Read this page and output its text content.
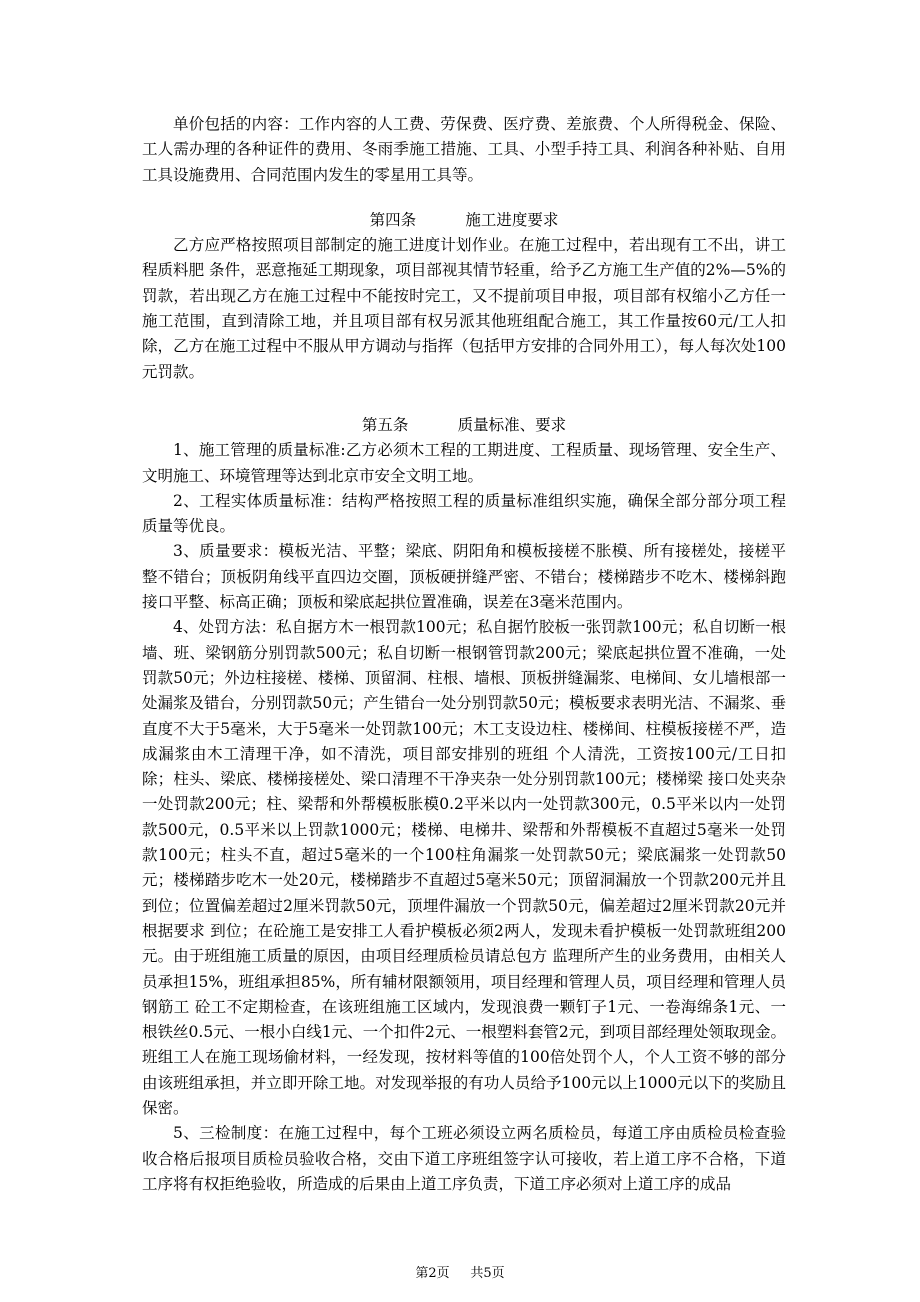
单价包括的内容：工作内容的人工费、劳保费、医疗费、差旅费、个人所得税金、保险、工人需办理的各种证件的费用、冬雨季施工措施、工具、小型手持工具、利润各种补贴、自用工具设施费用、合同范围内发生的零星用工具等。

第四条          施工进度要求

乙方应严格按照项目部制定的施工进度计划作业。在施工过程中，若出现有工不出，讲工程质料肥 条件，恶意拖延工期现象，项目部视其情节轻重，给予乙方施工生产值的2%—5%的罚款，若出现乙方在施工过程中不能按时完工，又不提前项目申报，项目部有权缩小乙方任一施工范围，直到清除工地，并且项目部有权另派其他班组配合施工，其工作量按60元/工人扣除，乙方在施工过程中不服从甲方调动与指挥（包括甲方安排的合同外用工），每人每次处100元罚款。

第五条          质量标准、要求

1、施工管理的质量标准:乙方必须木工程的工期进度、工程质量、现场管理、安全生产、文明施工、环境管理等达到北京市安全文明工地。

2、工程实体质量标准：结构严格按照工程的质量标准组织实施，确保全部分部分项工程质量等优良。

3、质量要求：模板光洁、平整；梁底、阴阳角和模板接槎不胀模、所有接槎处，接槎平整不错台；顶板阴角线平直四边交圈，顶板硬拼缝严密、不错台；楼梯踏步不吃木、楼梯斜跑接口平整、标高正确；顶板和梁底起拱位置准确，误差在3毫米范围内。

4、处罚方法：私自据方木一根罚款100元；私自据竹胶板一张罚款100元；私自切断一根墙、班、梁钢筋分别罚款500元；私自切断一根钢管罚款200元；梁底起拱位置不准确，一处罚款50元；外边柱接槎、楼梯、顶留洞、柱根、墙根、顶板拼缝漏浆、电梯间、女儿墙根部一处漏浆及错台，分别罚款50元；产生错台一处分别罚款50元；模板要求表明光洁、不漏浆、垂直度不大于5毫米，大于5毫米一处罚款100元；木工支设边柱、楼梯间、柱模板接槎不严，造成漏浆由木工清理干净，如不清洗，项目部安排别的班组 个人清洗，工资按100元/工日扣除；柱头、梁底、楼梯接槎处、梁口清理不干净夹杂一处分别罚款100元；楼梯梁 接口处夹杂一处罚款200元；柱、梁帮和外帮模板胀模0.2平米以内一处罚款300元，0.5平米以内一处罚款500元，0.5平米以上罚款1000元；楼梯、电梯井、梁帮和外帮模板不直超过5毫米一处罚款100元；柱头不直，超过5毫米的一个100柱角漏浆一处罚款50元；梁底漏浆一处罚款50元；楼梯踏步吃木一处20元，楼梯踏步不直超过5毫米50元；顶留洞漏放一个罚款200元并且 到位；位置偏差超过2厘米罚款50元，顶埋件漏放一个罚款50元，偏差超过2厘米罚款20元并根据要求 到位；在砼施工是安排工人看护模板必须2两人，发现未看护模板一处罚款班组200元。由于班组施工质量的原因，由项目经理质检员请总包方 监理所产生的业务费用，由相关人员承担15%，班组承担85%，所有辅材限额领用，项目经理和管理人员，项目经理和管理人员 钢筋工 砼工不定期检查，在该班组施工区域内，发现浪费一颗钉子1元、一卷海绵条1元、一根铁丝0.5元、一根小白线1元、一个扣件2元、一根塑料套管2元，到项目部经理处领取现金。班组工人在施工现场偷材料，一经发现，按材料等值的100倍处罚个人，个人工资不够的部分由该班组承担，并立即开除工地。对发现举报的有功人员给予100元以上1000元以下的奖励且保密。

5、三检制度：在施工过程中，每个工班必须设立两名质检员，每道工序由质检员检查验收合格后报项目质检员验收合格，交由下道工序班组签字认可接收，若上道工序不合格，下道工序将有权拒绝验收，所造成的后果由上道工序负责，下道工序必须对上道工序的成品

第2页     共5页
